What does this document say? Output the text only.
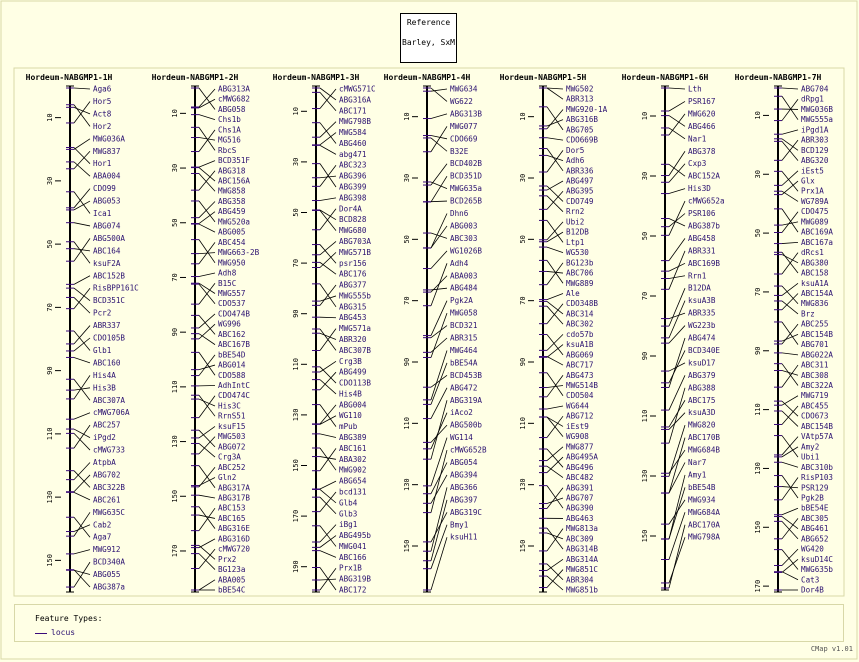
Hordeum-NABGMP1-1H
10
30
50
70
90
110
130
150
Aga6
Hor5
Act8
Hor2
MWG036A
MWG837
Hor1
ABA004
CDO99
ABG053
Ica1
ABG074
ABG500A
ABC164
ksuF2A
ABC152B
RisBPP161C
BCD351C
Pcr2
ABR337
CDO105B
Glb1
ABC160
His4A
His3B
ABC307A
cMWG706A
ABC257
iPgd2
cMWG733
AtpbA
ABG702
ABC322B
ABC261
MWG635C
Cab2
Aga7
MWG912
BCD340A
ABG055
ABG387a
Hordeum-NABGMP1-2H
10
30
50
70
90
110
130
150
170
ABG313A
cMWG682
ABG058
Chs1b
Chs1A
MG516
RbcS
BCD351F
ABG318
ABC156A
MWG858
ABG358
ABG459
MWG520a
ABG005
ABC454
MWG663-2B
MWG950
Adh8
B15C
MWG557
CDO537
CDO474B
WG996
ABC162
ABC167B
bBE54D
ABG014
CDO588
AdhIntC
CDO474C
His3C
RrnS51
ksuF15
MWG503
ABG072
Crg3A
ABC252
Gln2
ABG317A
ABG317B
ABC153
ABC165
ABG316E
ABG316D
cMWG720
Prx2
BG123a
ABA005
bBE54C
Hordeum-NABGMP1-3H
10
30
50
70
90
110
130
150
170
190
cMWG571C
ABG316A
ABC171
MWG798B
MWG584
ABG460
abg471
ABC323
ABG396
ABG399
ABG398
Dor4A
BCD828
MWG680
ABG703A
MWG571B
psr156
ABC176
ABG377
MWG555b
ABG315
ABG453
MWG571a
ABR320
ABC307B
Crg3B
ABG499
CDO113B
His4B
ABG004
WG110
mPub
ABG389
ABC161
ABA302
MWG902
ABG654
bcd131
Glb4
Glb3
iBg1
ABG495b
MWG041
ABC166
Prx1B
ABG319B
ABC172
Hordeum-NABGMP1-4H
10
30
50
70
90
110
130
150
MWG634
WG622
ABG313B
MWG077
CDO669
B32E
BCD402B
BCD351D
MWG635a
BCD265B
Dhn6
ABG003
ABC303
WG1026B
Adh4
ABA003
ABG484
Pgk2A
MWG058
BCD321
ABR315
MWG464
bBE54A
BCD453B
ABG472
ABG319A
iAco2
ABG500b
WG114
cMWG652B
ABG054
ABG394
ABG366
ABG397
ABG319C
Bmy1
ksuH11
Hordeum-NABGMP1-5H
10
30
50
70
90
110
130
150
MWG502
ABR313
MWG920-1A
ABG316B
ABG705
CDO669B
Dor5
Adh6
ABR336
ABG497
ABG395
CDO749
Rrn2
Ubi2
B12DB
Ltp1
WG530
BG123b
ABC706
MWG889
Ale
CDO348B
ABC314
ABC302
cdo57b
ksuA1B
ABG069
ABC717
ABG473
MWG514B
CDO504
WG644
ABG712
iEst9
WG908
MWG877
ABG495A
ABG496
ABC482
ABG391
ABG707
ABG390
ABG463
MWG813a
ABC309
ABG314B
ABG314A
MWG851C
ABR304
MWG851b
Hordeum-NABGMP1-6H
10
30
50
70
90
110
130
150
Lth
PSR167
MWG620
ABG466
Nar1
ABG378
Cxp3
ABC152A
His3D
cMWG652a
PSR106
ABG387b
ABG458
ABR331
ABC169B
Rrn1
B12DA
ksuA3B
ABR335
WG223b
ABG474
BCD340E
ksuD17
ABG379
ABG388
ABC175
ksuA3D
MWG820
ABC170B
MWG684B
Nar7
Amy1
bBE54B
MWG934
MWG684A
ABC170A
MWG798A
Hordeum-NABGMP1-7H
10
30
50
70
90
110
130
150
170
ABG704
dRpg1
MWG036B
MWG555a
iPgd1A
ABR303
BCD129
ABG320
iEst5
Glx
Prx1A
WG789A
CDO475
MWG089
ABC169A
ABC167a
dRcs1
ABG380
ABC158
ksuA1A
ABC154A
MWG836
Brz
ABC255
ABC154B
ABG701
ABG022A
ABC311
ABC308
ABC322A
MWG719
ABC455
CDO673
ABC154B
VAtp57A
Amy2
Ubi1
ABC310b
RisP103
PSR129
Pgk2B
bBE54E
ABC305
ABG461
ABG652
WG420
ksuD14C
MWG635b
Cat3
Dor4B
Reference
Barley, SxM
Feature Types:
locus
CMap v1.01
